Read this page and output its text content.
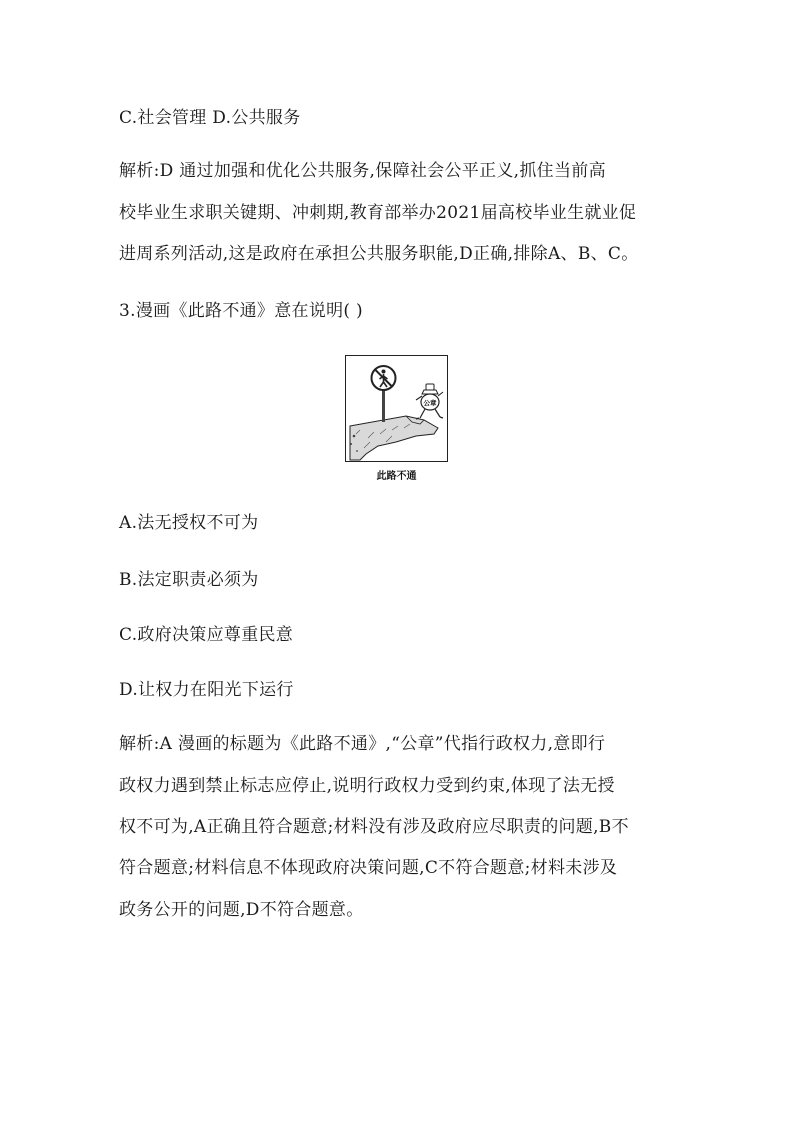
C.社会管理 D.公共服务
解析:D 通过加强和优化公共服务,保障社会公平正义,抓住当前高
校毕业生求职关键期、冲刺期,教育部举办2021届高校毕业生就业促
进周系列活动,这是政府在承担公共服务职能,D正确,排除A、B、C。
3.漫画《此路不通》意在说明( )
公章
此路不通
A.法无授权不可为
B.法定职责必须为
C.政府决策应尊重民意
D.让权力在阳光下运行
解析:A 漫画的标题为《此路不通》,“公章”代指行政权力,意即行
政权力遇到禁止标志应停止,说明行政权力受到约束,体现了法无授
权不可为,A正确且符合题意;材料没有涉及政府应尽职责的问题,B不
符合题意;材料信息不体现政府决策问题,C不符合题意;材料未涉及
政务公开的问题,D不符合题意。
